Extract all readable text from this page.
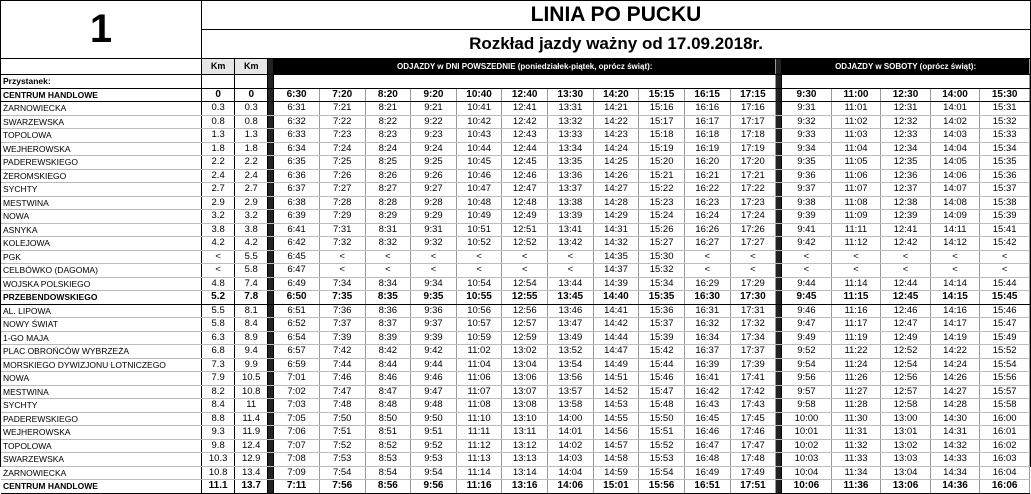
1	LINIA PO PUCKU
Rozkład jazdy ważny od 17.09.2018r.
	Km	Km		ODJAZDY w DNI POWSZEDNIE (poniedziałek-piątek, oprócz świąt):												ODJAZDY w SOBOTY (oprócz świąt):				
Przystanek:																				
CENTRUM HANDLOWE	0	0		6:30	7:20	8:20	9:20	10:40	12:40	13:30	14:20	15:15	16:15	17:15		9:30	11:00	12:30	14:00	15:30
ŻARNOWIECKA	0.3	0.3		6:31	7:21	8:21	9:21	10:41	12:41	13:31	14:21	15:16	16:16	17:16		9:31	11:01	12:31	14:01	15:31
SWARZEWSKA	0.8	0.8		6:32	7:22	8:22	9:22	10:42	12:42	13:32	14:22	15:17	16:17	17:17		9:32	11:02	12:32	14:02	15:32
TOPOLOWA	1.3	1.3		6:33	7:23	8:23	9:23	10:43	12:43	13:33	14:23	15:18	16:18	17:18		9:33	11:03	12:33	14:03	15:33
WEJHEROWSKA	1.8	1.8		6:34	7:24	8:24	9:24	10:44	12:44	13:34	14:24	15:19	16:19	17:19		9:34	11:04	12:34	14:04	15:34
PADEREWSKIEGO	2.2	2.2		6:35	7:25	8:25	9:25	10:45	12:45	13:35	14:25	15:20	16:20	17:20		9:35	11:05	12:35	14:05	15:35
ŻEROMSKIEGO	2.4	2.4		6:36	7:26	8:26	9:26	10:46	12:46	13:36	14:26	15:21	16:21	17:21		9:36	11:06	12:36	14:06	15:36
SYCHTY	2.7	2.7		6:37	7:27	8:27	9:27	10:47	12:47	13:37	14:27	15:22	16:22	17:22		9:37	11:07	12:37	14:07	15:37
MESTWINA	2.9	2.9		6:38	7:28	8:28	9:28	10:48	12:48	13:38	14:28	15:23	16:23	17:23		9:38	11:08	12:38	14:08	15:38
NOWA	3.2	3.2		6:39	7:29	8:29	9:29	10:49	12:49	13:39	14:29	15:24	16:24	17:24		9:39	11:09	12:39	14:09	15:39
ASNYKA	3.8	3.8		6:41	7:31	8:31	9:31	10:51	12:51	13:41	14:31	15:26	16:26	17:26		9:41	11:11	12:41	14:11	15:41
KOLEJOWA	4.2	4.2		6:42	7:32	8:32	9:32	10:52	12:52	13:42	14:32	15:27	16:27	17:27		9:42	11:12	12:42	14:12	15:42
PGK	<	5.5		6:45	<	<	<	<	<	<	14:35	15:30	<	<		<	<	<	<	<
CELBÓWKO (DAGOMA)	<	5.8		6:47	<	<	<	<	<	<	14:37	15:32	<	<		<	<	<	<	<
WOJSKA POLSKIEGO	4.8	7.4		6:49	7:34	8:34	9:34	10:54	12:54	13:44	14:39	15:34	16:29	17:29		9:44	11:14	12:44	14:14	15:44
PRZEBENDOWSKIEGO	5.2	7.8		6:50	7:35	8:35	9:35	10:55	12:55	13:45	14:40	15:35	16:30	17:30		9:45	11:15	12:45	14:15	15:45
AL. LIPOWA	5.5	8.1		6:51	7:36	8:36	9:36	10:56	12:56	13:46	14:41	15:36	16:31	17:31		9:46	11:16	12:46	14:16	15:46
NOWY ŚWIAT	5.8	8.4		6:52	7:37	8:37	9:37	10:57	12:57	13:47	14:42	15:37	16:32	17:32		9:47	11:17	12:47	14:17	15:47
1-GO MAJA	6.3	8.9		6:54	7:39	8:39	9:39	10:59	12:59	13:49	14:44	15:39	16:34	17:34		9:49	11:19	12:49	14:19	15:49
PLAC OBROŃCÓW WYBRZEŻA	6.8	9.4		6:57	7:42	8:42	9:42	11:02	13:02	13:52	14:47	15:42	16:37	17:37		9:52	11:22	12:52	14:22	15:52
MORSKIEGO DYWIZJONU LOTNICZEGO	7.3	9.9		6:59	7:44	8:44	9:44	11:04	13:04	13:54	14:49	15:44	16:39	17:39		9:54	11:24	12:54	14:24	15:54
NOWA	7.9	10.5		7:01	7:46	8:46	9:46	11:06	13:06	13:56	14:51	15:46	16:41	17:41		9:56	11:26	12:56	14:26	15:56
MESTWINA	8.2	10.8		7:02	7:47	8:47	9:47	11:07	13:07	13:57	14:52	15:47	16:42	17:42		9:57	11:27	12:57	14:27	15:57
SYCHTY	8.4	11		7:03	7:48	8:48	9:48	11:08	13:08	13:58	14:53	15:48	16:43	17:43		9:58	11:28	12:58	14:28	15:58
PADEREWSKIEGO	8.8	11.4		7:05	7:50	8:50	9:50	11:10	13:10	14:00	14:55	15:50	16:45	17:45		10:00	11:30	13:00	14:30	16:00
WEJHEROWSKA	9.3	11.9		7:06	7:51	8:51	9:51	11:11	13:11	14:01	14:56	15:51	16:46	17:46		10:01	11:31	13:01	14:31	16:01
TOPOLOWA	9.8	12.4		7:07	7:52	8:52	9:52	11:12	13:12	14:02	14:57	15:52	16:47	17:47		10:02	11:32	13:02	14:32	16:02
SWARZEWSKA	10.3	12.9		7:08	7:53	8:53	9:53	11:13	13:13	14:03	14:58	15:53	16:48	17:48		10:03	11:33	13:03	14:33	16:03
ŻARNOWIECKA	10.8	13.4		7:09	7:54	8:54	9:54	11:14	13:14	14:04	14:59	15:54	16:49	17:49		10:04	11:34	13:04	14:34	16:04
CENTRUM HANDLOWE	11.1	13.7		7:11	7:56	8:56	9:56	11:16	13:16	14:06	15:01	15:56	16:51	17:51		10:06	11:36	13:06	14:36	16:06
